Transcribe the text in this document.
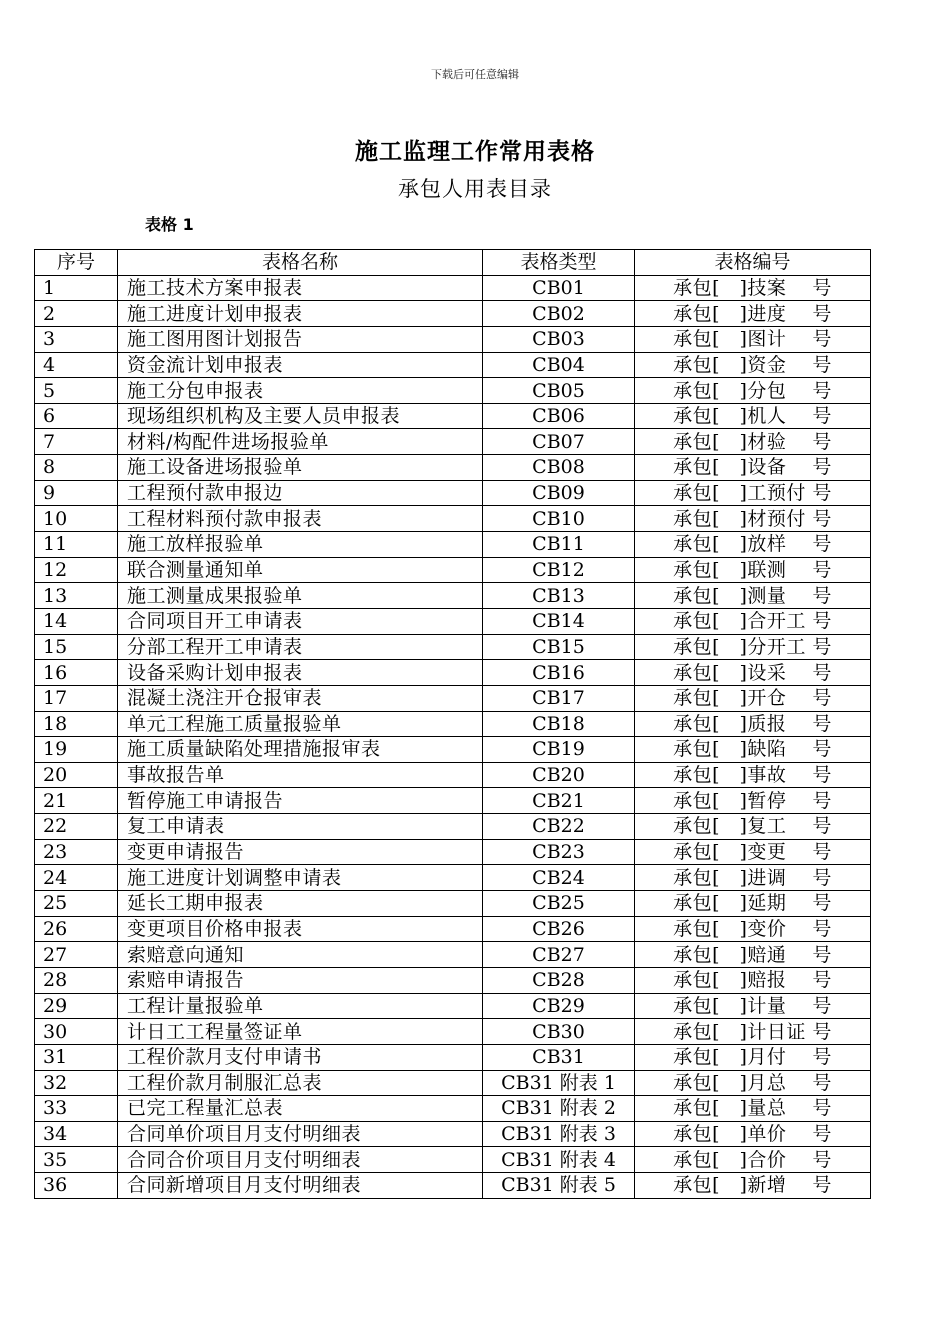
下载后可任意编辑
施工监理工作常用表格
承包人用表目录
表格 1
序号	表格名称	表格类型	表格编号
1	施工技术方案申报表	CB01	承包[　]技案　 号
2	施工进度计划申报表	CB02	承包[　]进度　 号
3	施工图用图计划报告	CB03	承包[　]图计　 号
4	资金流计划申报表	CB04	承包[　]资金　 号
5	施工分包申报表	CB05	承包[　]分包　 号
6	现场组织机构及主要人员申报表	CB06	承包[　]机人　 号
7	材料/构配件进场报验单	CB07	承包[　]材验　 号
8	施工设备进场报验单	CB08	承包[　]设备　 号
9	工程预付款申报边	CB09	承包[　]工预付 号
10	工程材料预付款申报表	CB10	承包[　]材预付 号
11	施工放样报验单	CB11	承包[　]放样　 号
12	联合测量通知单	CB12	承包[　]联测　 号
13	施工测量成果报验单	CB13	承包[　]测量　 号
14	合同项目开工申请表	CB14	承包[　]合开工 号
15	分部工程开工申请表	CB15	承包[　]分开工 号
16	设备采购计划申报表	CB16	承包[　]设采　 号
17	混凝土浇注开仓报审表	CB17	承包[　]开仓　 号
18	单元工程施工质量报验单	CB18	承包[　]质报　 号
19	施工质量缺陷处理措施报审表	CB19	承包[　]缺陷　 号
20	事故报告单	CB20	承包[　]事故　 号
21	暂停施工申请报告	CB21	承包[　]暂停　 号
22	复工申请表	CB22	承包[　]复工　 号
23	变更申请报告	CB23	承包[　]变更　 号
24	施工进度计划调整申请表	CB24	承包[　]进调　 号
25	延长工期申报表	CB25	承包[　]延期　 号
26	变更项目价格申报表	CB26	承包[　]变价　 号
27	索赔意向通知	CB27	承包[　]赔通　 号
28	索赔申请报告	CB28	承包[　]赔报　 号
29	工程计量报验单	CB29	承包[　]计量　 号
30	计日工工程量签证单	CB30	承包[　]计日证 号
31	工程价款月支付申请书	CB31	承包[　]月付　 号
32	工程价款月制服汇总表	CB31 附表 1	承包[　]月总　 号
33	已完工程量汇总表	CB31 附表 2	承包[　]量总　 号
34	合同单价项目月支付明细表	CB31 附表 3	承包[　]单价　 号
35	合同合价项目月支付明细表	CB31 附表 4	承包[　]合价　 号
36	合同新增项目月支付明细表	CB31 附表 5	承包[　]新增　 号
